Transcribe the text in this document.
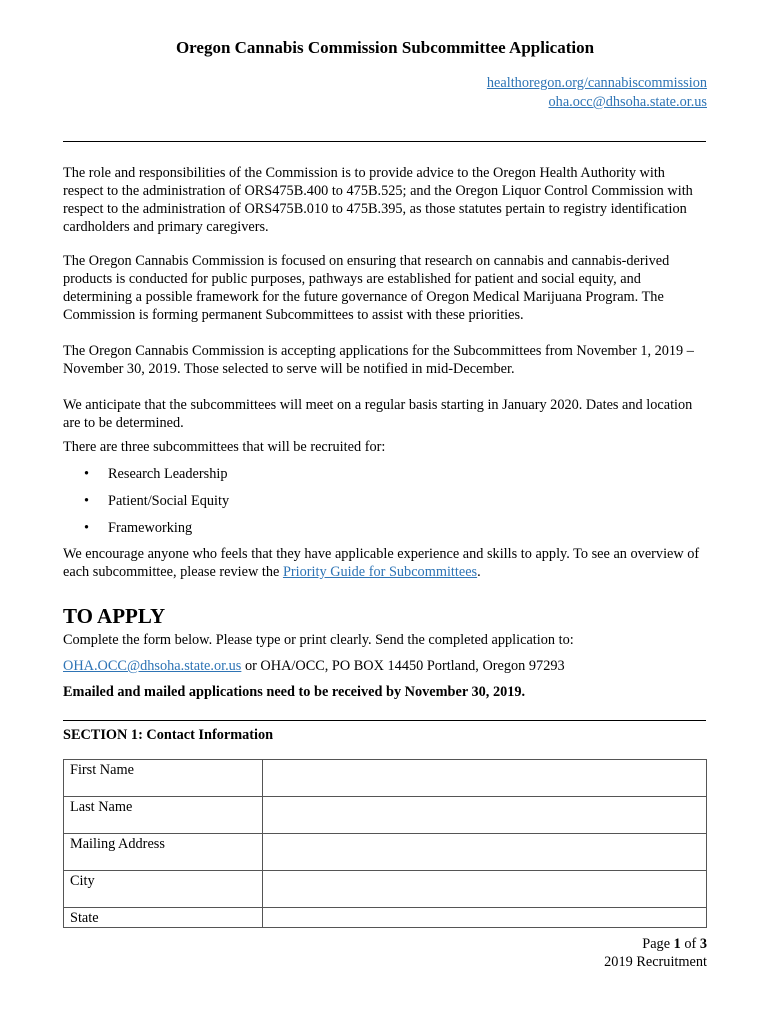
Oregon Cannabis Commission Subcommittee Application
healthoregon.org/cannabiscommission
oha.occ@dhsoha.state.or.us
The role and responsibilities of the Commission is to provide advice to the Oregon Health Authority with respect to the administration of ORS475B.400 to 475B.525; and the Oregon Liquor Control Commission with respect to the administration of ORS475B.010 to 475B.395, as those statutes pertain to registry identification cardholders and primary caregivers.
The Oregon Cannabis Commission is focused on ensuring that research on cannabis and cannabis-derived products is conducted for public purposes, pathways are established for patient and social equity, and determining a possible framework for the future governance of Oregon Medical Marijuana Program. The Commission is forming permanent Subcommittees to assist with these priorities.
The Oregon Cannabis Commission is accepting applications for the Subcommittees from November 1, 2019 – November 30, 2019. Those selected to serve will be notified in mid-December.
We anticipate that the subcommittees will meet on a regular basis starting in January 2020. Dates and location are to be determined.
There are three subcommittees that will be recruited for:
•	Research Leadership
•	Patient/Social Equity
•	Frameworking
We encourage anyone who feels that they have applicable experience and skills to apply. To see an overview of each subcommittee, please review the Priority Guide for Subcommittees.
TO APPLY
Complete the form below. Please type or print clearly. Send the completed application to:
OHA.OCC@dhsoha.state.or.us or OHA/OCC, PO BOX 14450 Portland, Oregon 97293
Emailed and mailed applications need to be received by November 30, 2019.
SECTION 1: Contact Information
First Name	
Last Name	
Mailing Address	
City	
State	
Page 1 of 3
2019 Recruitment
